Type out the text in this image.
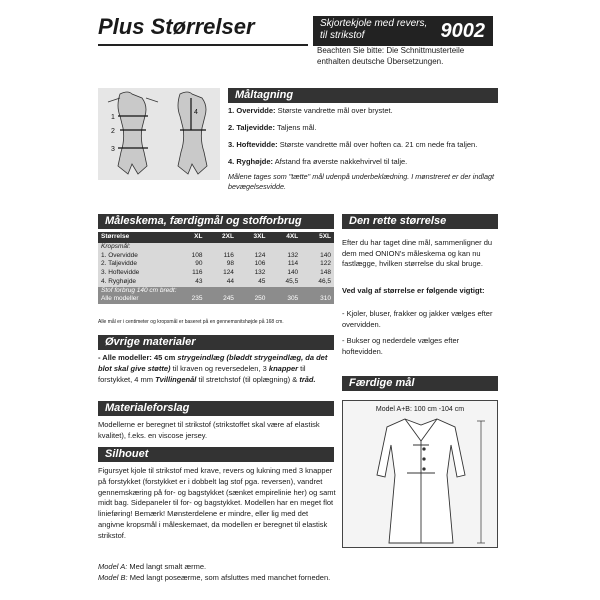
Plus Størrelser	Skjortekjole med revers, til strikstof	9002
Beachten Sie bitte: Die Schnittmusterteile enthalten deutsche Übersetzungen.
1
2
3
4
Måltagning

1. Overvidde: Største vandrette mål over brystet.

2. Taljevidde: Taljens mål.

3. Hoftevidde: Største vandrette mål over hoften ca. 21 cm nede fra taljen.

4. Ryghøjde: Afstand fra øverste nakkehvirvel til talje.

Målene tages som "tætte" mål udenpå underbeklædning. I mønstreret er der indlagt bevægelsesvidde.
Måleskema, færdigmål og stofforbrug
Størrelse	XL	2XL	3XL	4XL	5XL
Kropsmål:					
1. Overvidde	108	116	124	132	140
2. Taljevidde	90	98	106	114	122
3. Hoftevidde	116	124	132	140	148
4. Ryghøjde	43	44	45	45,5	46,5
Stof forbrug 140 cm bredt:					
Alle modeller	235	245	250	305	310
Alle mål er i centimeter og kropsmål er baseret på en gennemsnitshøjde på 168 cm.
Den rette størrelse
Efter du har taget dine mål, sammenligner du dem med ONION's måleskema og kan nu fastlægge, hvilken størrelse du skal bruge.
Ved valg af størrelse er følgende vigtigt:
- Kjoler, bluser, frakker og jakker vælges efter overvidden.
- Bukser og nederdele vælges efter hoftevidden.
Øvrige materialer
- Alle modeller: 45 cm strygeindlæg (bløddt strygeindlæg, da det blot skal give støtte) til kraven og reversedelen, 3 knapper til forstykket, 4 mm Tvillingenål til stretchstof (til oplægning) & tråd.
Materialeforslag
Modellerne er beregnet til strikstof (strikstoffet skal være af elastisk kvalitet), f.eks. en viscose jersey.
Silhouet
Figursyet kjole til strikstof med krave, revers og lukning med 3 knapper på forstykket (forstykket er i dobbelt lag stof pga. reversen), vandret gennemskæring på for- og bagstykket (sænket empirelinie her) og samt midt bag. Sidepaneler til for- og bagstykket. Modellen har en meget flot linieføring! Bemærk! Mønsterdelene er mindre, eller lig med det angivne kropsmål i måleskemaet, da modellen er beregnet til elastisk strikstof.
Model A: Med langt smalt ærme.
Model B: Med langt poseærme, som afsluttes med manchet forneden.
Færdige mål
Model A+B: 100 cm -104 cm
